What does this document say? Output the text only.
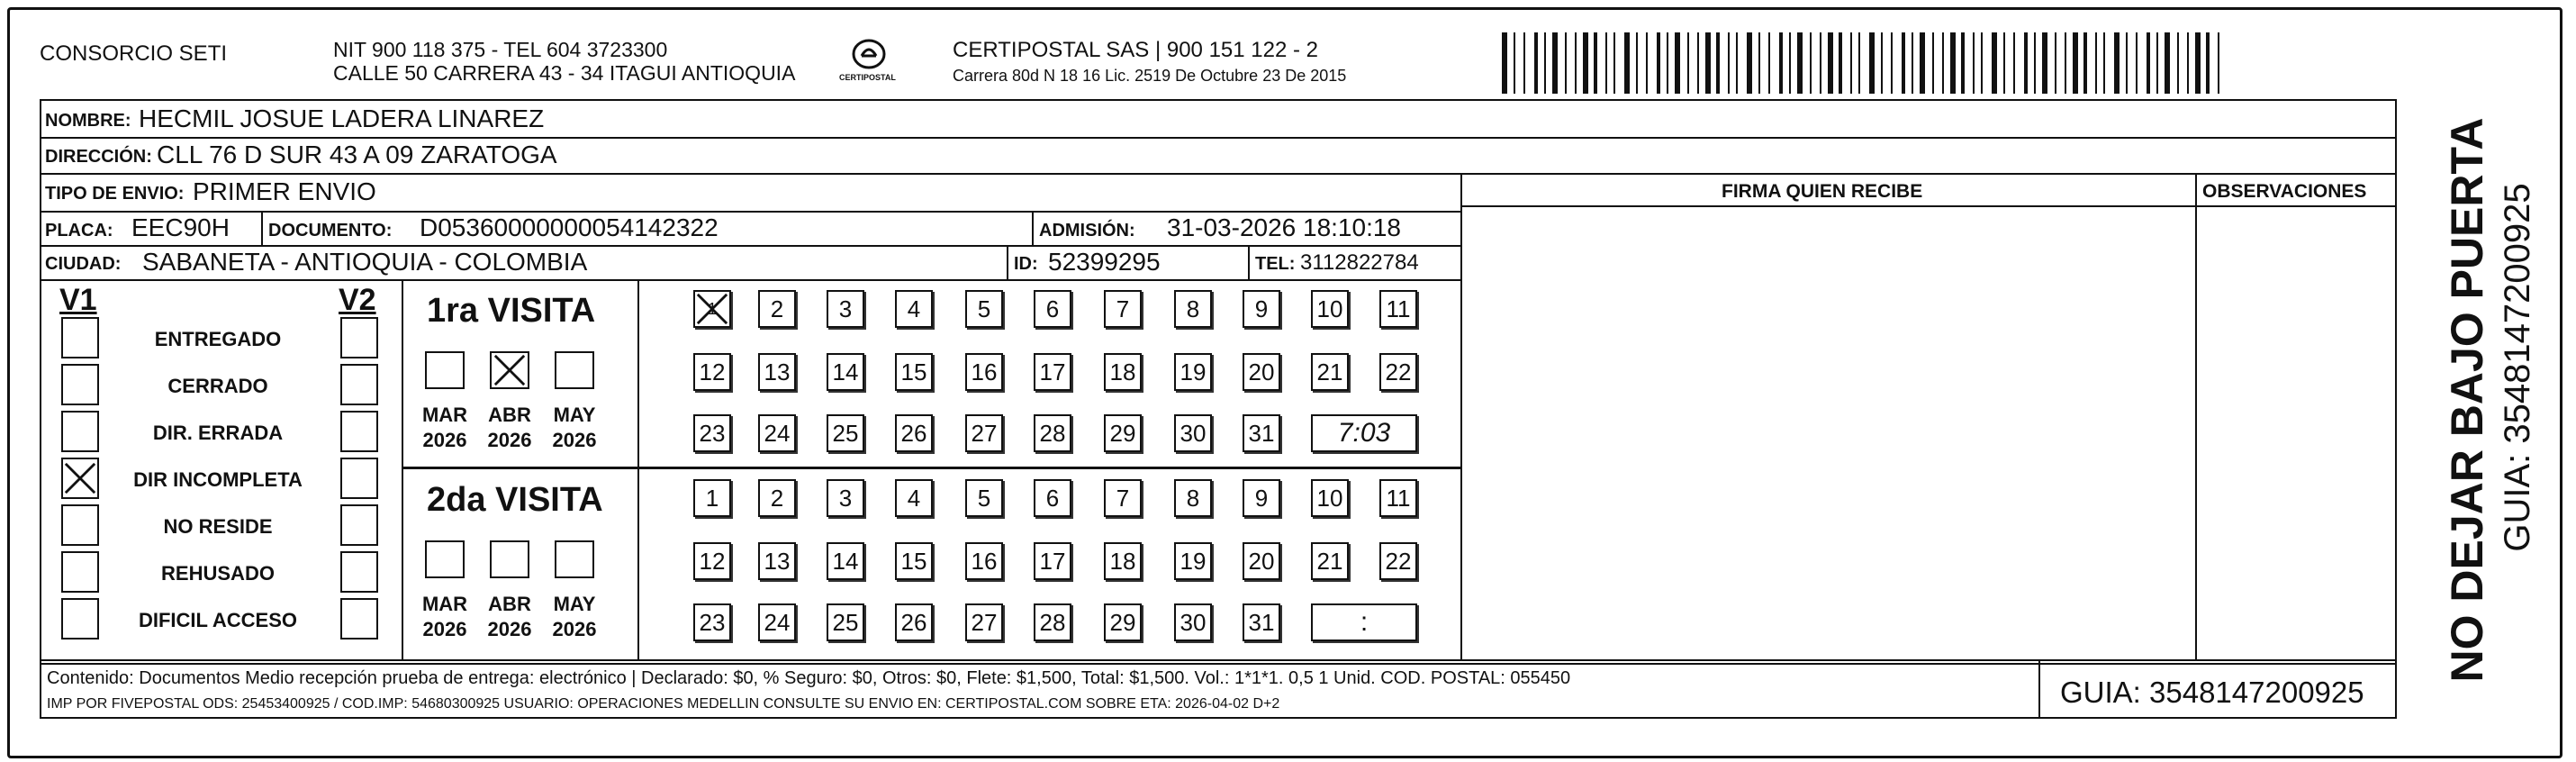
CONSORCIO SETI	NIT 900 118 375 - TEL 604 3723300
CALLE 50 CARRERA 43 - 34 ITAGUI ANTIOQUIA	CERTIPOSTAL
CERTIPOSTAL SAS | 900 151 122 - 2
Carrera 80d N 18 16 Lic. 2519 De Octubre 23 De 2015
NOMBRE: HECMIL JOSUE LADERA LINAREZ
DIRECCIÓN: CLL 76 D SUR 43 A 09 ZARATOGA
TIPO DE ENVIO: PRIMER ENVIO
PLACA: EEC90H DOCUMENTO: D05360000000054142322	ADMISIÓN: 31-03-2026 18:10:18
CIUDAD: SABANETA - ANTIOQUIA - COLOMBIA	ID: 52399295	TEL: 3112822784
FIRMA QUIEN RECIBE	OBSERVACIONES
V1	V2
ENTREGADO
CERRADO
DIR. ERRADA
DIR INCOMPLETA
NO RESIDE
REHUSADO
DIFICIL ACCESO
1ra VISITA
MAR
2026
ABR
2026
MAY
2026
1	2	3	4	5	6	7	8	9	10 11
12 13 14 15 16 17 18 19 20 21 22
23 24 25 26 27 28 29 30 31	7:03
2da VISITA
MAR
2026
ABR
2026
MAY
2026
1	2	3	4	5	6	7	8	9	10 11
12 13 14 15 16 17 18 19 20 21 22
23 24 25 26 27 28 29 30 31	:
Contenido: Documentos Medio recepción prueba de entrega: electrónico | Declarado: $0, % Seguro: $0, Otros: $0, Flete: $1,500, Total: $1,500. Vol.: 1*1*1. 0,5 1 Unid. COD. POSTAL: 055450
IMP POR FIVEPOSTAL ODS: 25453400925 / COD.IMP: 54680300925 USUARIO: OPERACIONES MEDELLIN CONSULTE SU ENVIO EN: CERTIPOSTAL.COM SOBRE ETA: 2026-04-02 D+2	GUIA: 3548147200925
NO DEJAR BAJO PUERTA GUIA: 3548147200925
